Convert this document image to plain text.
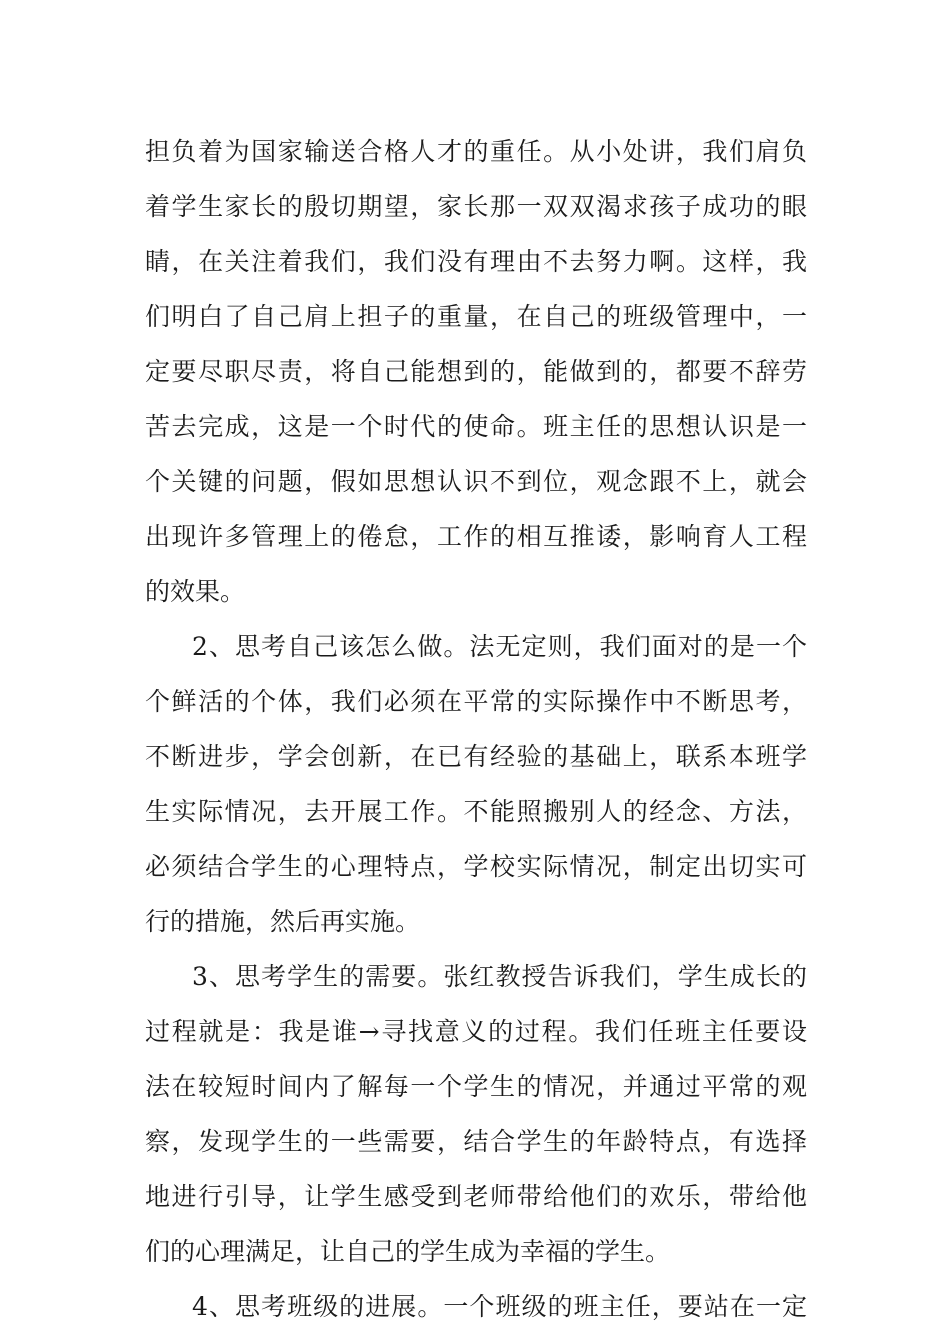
担负着为国家输送合格人才的重任。从小处讲，我们肩负
着学生家长的殷切期望，家长那一双双渴求孩子成功的眼
睛，在关注着我们，我们没有理由不去努力啊。这样，我
们明白了自己肩上担子的重量，在自己的班级管理中，一
定要尽职尽责，将自己能想到的，能做到的，都要不辞劳
苦去完成，这是一个时代的使命。班主任的思想认识是一
个关键的问题，假如思想认识不到位，观念跟不上，就会
出现许多管理上的倦怠，工作的相互推诿，影响育人工程
的效果。
2、思考自己该怎么做。法无定则，我们面对的是一个
个鲜活的个体，我们必须在平常的实际操作中不断思考，
不断进步，学会创新，在已有经验的基础上，联系本班学
生实际情况，去开展工作。不能照搬别人的经念、方法，
必须结合学生的心理特点，学校实际情况，制定出切实可
行的措施，然后再实施。
3、思考学生的需要。张红教授告诉我们，学生成长的
过程就是：我是谁→寻找意义的过程。我们任班主任要设
法在较短时间内了解每一个学生的情况，并通过平常的观
察，发现学生的一些需要，结合学生的年龄特点，有选择
地进行引导，让学生感受到老师带给他们的欢乐，带给他
们的心理满足，让自己的学生成为幸福的学生。
4、思考班级的进展。一个班级的班主任，要站在一定
